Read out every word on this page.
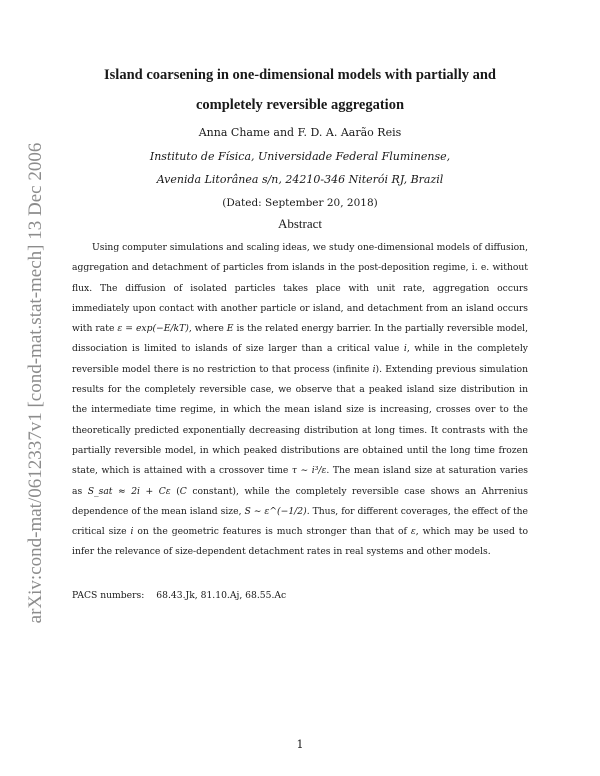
arXiv:cond-mat/0612337v1 [cond-mat.stat-mech] 13 Dec 2006
Island coarsening in one-dimensional models with partially and
completely reversible aggregation
Anna Chame and F. D. A. Aarão Reis
Instituto de Física, Universidade Federal Fluminense,
Avenida Litorânea s/n, 24210-346 Niterói RJ, Brazil
(Dated: September 20, 2018)
Abstract
Using computer simulations and scaling ideas, we study one-dimensional models of diffusion, aggregation and detachment of particles from islands in the post-deposition regime, i. e. without flux. The diffusion of isolated particles takes place with unit rate, aggregation occurs immediately upon contact with another particle or island, and detachment from an island occurs with rate ε = exp(−E/kT), where E is the related energy barrier. In the partially reversible model, dissociation is limited to islands of size larger than a critical value i, while in the completely reversible model there is no restriction to that process (infinite i). Extending previous simulation results for the completely reversible case, we observe that a peaked island size distribution in the intermediate time regime, in which the mean island size is increasing, crosses over to the theoretically predicted exponentially decreasing distribution at long times. It contrasts with the partially reversible model, in which peaked distributions are obtained until the long time frozen state, which is attained with a crossover time τ ∼ i³/ε. The mean island size at saturation varies as S_sat ≈ 2i + Cε (C constant), while the completely reversible case shows an Ahrrenius dependence of the mean island size, S ∼ ε^(−1/2). Thus, for different coverages, the effect of the critical size i on the geometric features is much stronger than that of ε, which may be used to infer the relevance of size-dependent detachment rates in real systems and other models.
PACS numbers: 68.43.Jk, 81.10.Aj, 68.55.Ac
1
